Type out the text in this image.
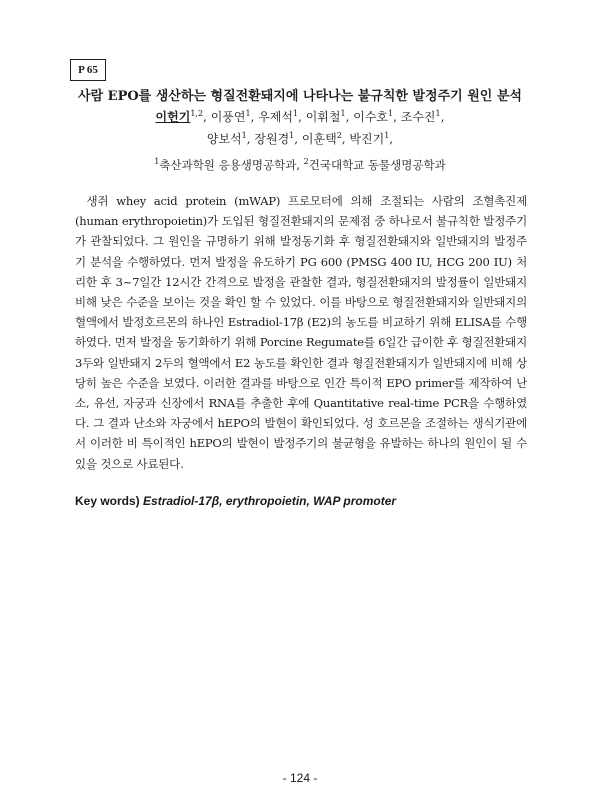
P 65
사람 EPO를 생산하는 형질전환돼지에 나타나는 불규칙한 발정주기 원인 분석
이헌기$^{1,2}$, 이풍연$^1$, 우제석$^1$, 이휘철$^1$, 이수호$^1$, 조수진$^1$,
양보석$^1$, 장원경$^1$, 이훈택$^2$, 박진기$^1$,
$^1$축산과학원 응용생명공학과, $^2$건국대학교 동물생명공학과

생쥐 whey acid protein (mWAP) 프로모터에 의해 조절되는 사람의 조혈촉진제(human erythropoietin)가 도입된 형질전환돼지의 문제점 중 하나로서 불규칙한 발정주기가 관찰되었다. 그 원인을 규명하기 위해 발정동기화 후 형질전환돼지와 일반돼지의 발정주기 분석을 수행하였다. 먼저 발정을 유도하기 PG 600 (PMSG 400 IU, HCG 200 IU) 처리한 후 3~7일간 12시간 간격으로 발정을 관찰한 결과, 형질전환돼지의 발정률이 일반돼지 비해 낮은 수준을 보이는 것을 확인 할 수 있었다. 이를 바탕으로 형질전환돼지와 일반돼지의 혈액에서 발정호르몬의 하나인 Estradiol-17β (E2)의 농도를 비교하기 위해 ELISA를 수행 하였다. 먼저 발정을 동기화하기 위해 Porcine Regumate를 6일간 급이한 후 형질전환돼지 3두와 일반돼지 2두의 혈액에서 E2 농도를 확인한 결과 형질전환돼지가 일반돼지에 비해 상당히 높은 수준을 보였다. 이러한 결과를 바탕으로 인간 특이적 EPO primer를 제작하여 난소, 유선, 자궁과 신장에서 RNA를 추출한 후에 Quantitative real-time PCR을 수행하였다. 그 결과 난소와 자궁에서 hEPO의 발현이 확인되었다. 성 호르몬을 조절하는 생식기관에서 이러한 비 특이적인 hEPO의 발현이 발정주기의 불균형을 유발하는 하나의 원인이 될 수 있을 것으로 사료된다.

Key words) Estradiol-17β, erythropoietin, WAP promoter
- 124 -
